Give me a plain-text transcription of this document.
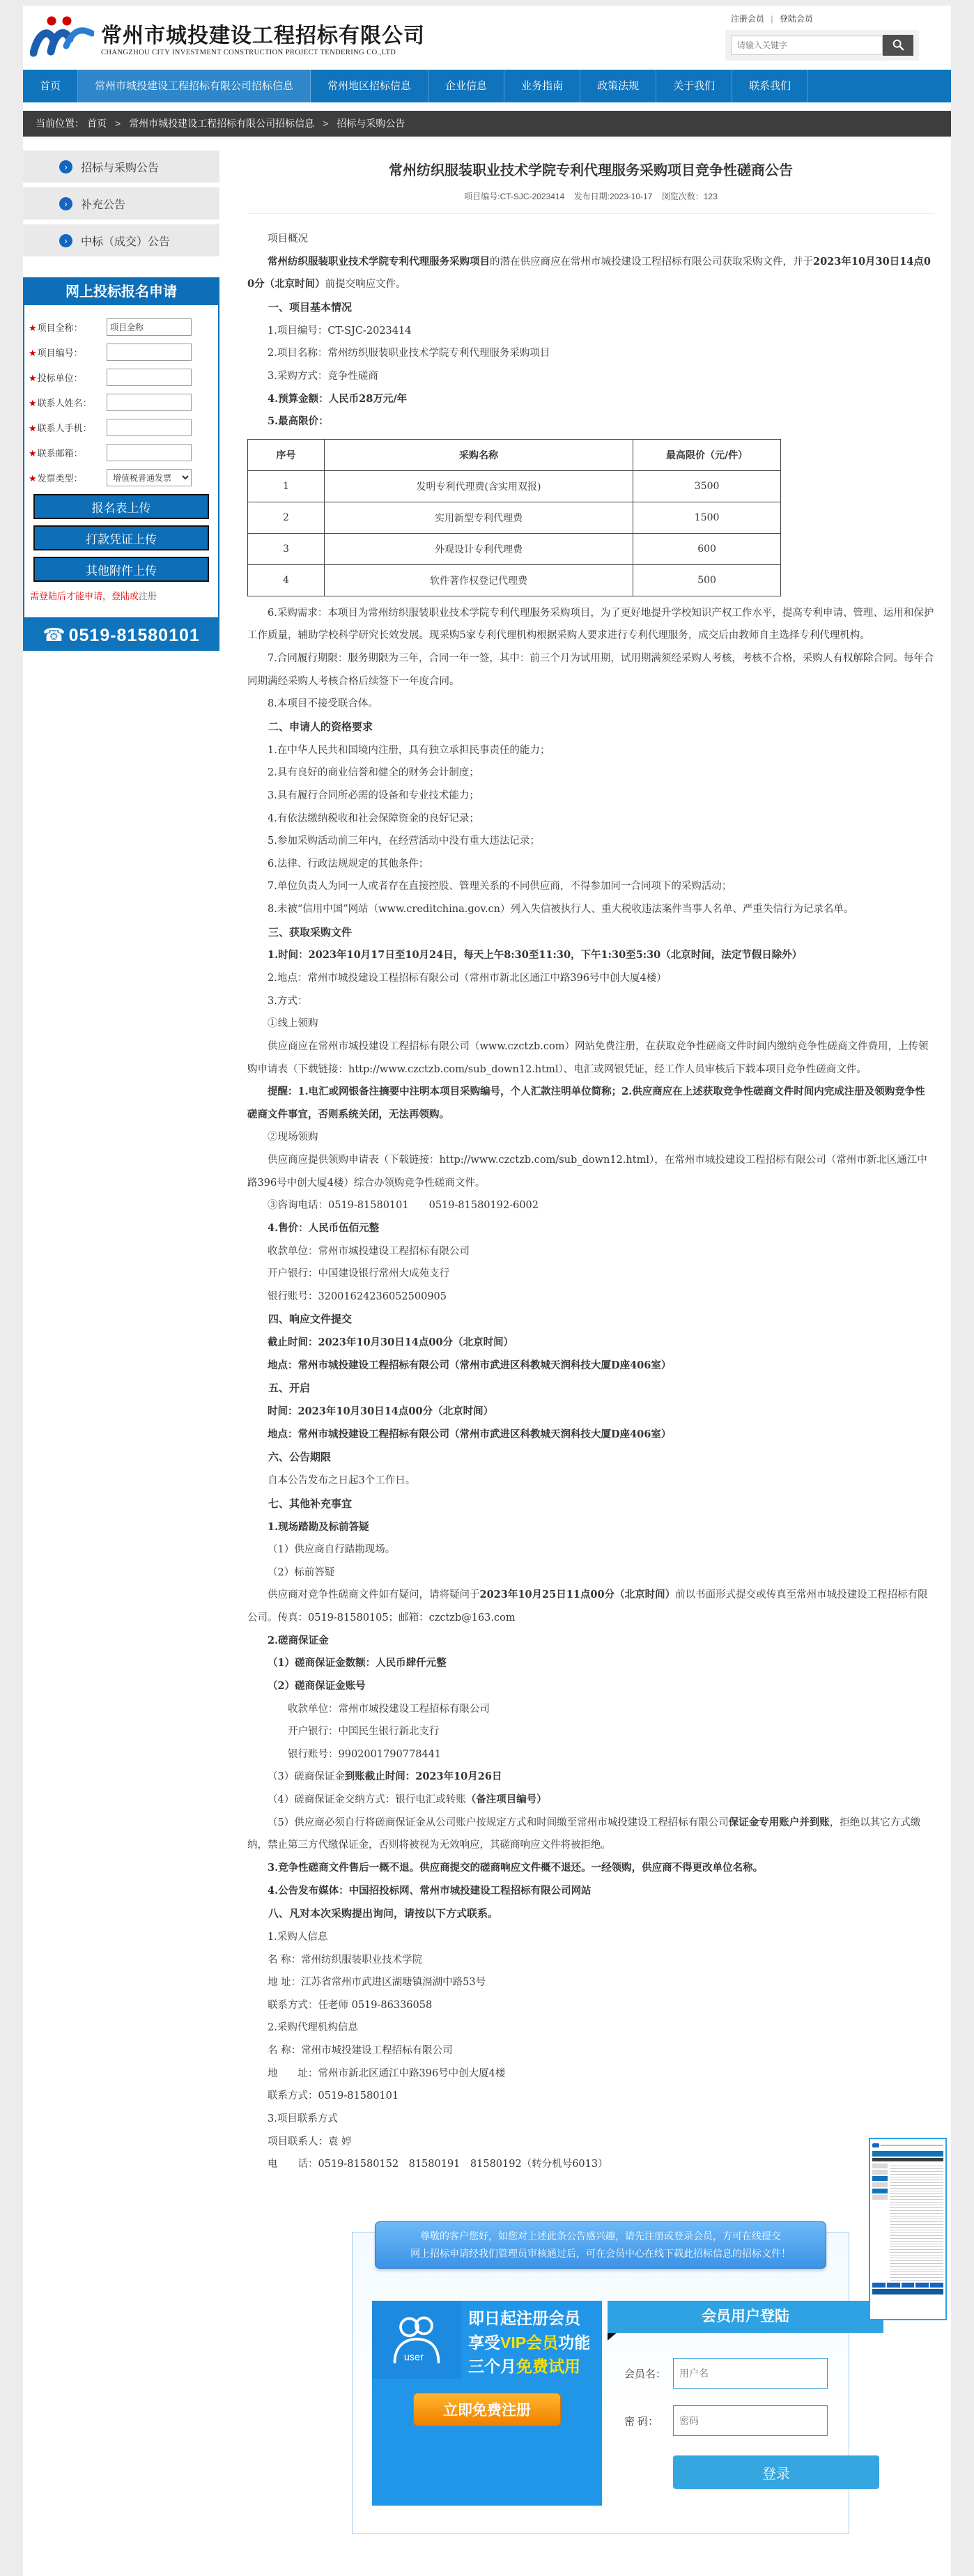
常州市城投建设工程招标有限公司
CHANGZHOU CITY INVESTMENT CONSTRUCTION PROJECT TENDERING CO.,LTD
注册会员 | 登陆会员
请输入关键字
首页	常州市城投建设工程招标有限公司招标信息	常州地区招标信息	企业信息	业务指南	政策法规	关于我们	联系我们
当前位置： 首页 > 常州市城投建设工程招标有限公司招标信息 > 招标与采购公告
›	招标与采购公告
›	补充公告
›	中标（成交）公告
网上投标报名申请
★项目全称：
项目全称
★项目编号：
★投标单位：
★联系人姓名：
★联系人手机：
★联系邮箱：
★发票类型：
增值税普通发票
报名表上传
打款凭证上传
其他附件上传
需登陆后才能申请，登陆或注册
☎ 0519-81580101
常州纺织服装职业技术学院专利代理服务采购项目竞争性磋商公告
项目编号:CT-SJC-2023414 发布日期:2023-10-17 浏览次数：123

项目概况

常州纺织服装职业技术学院专利代理服务采购项目的潜在供应商应在常州市城投建设工程招标有限公司获取采购文件，并于2023年10月30日14点00分（北京时间）前提交响应文件。

一、项目基本情况

1.项目编号：CT-SJC-2023414

2.项目名称：常州纺织服装职业技术学院专利代理服务采购项目

3.采购方式：竞争性磋商

4.预算金额：人民币28万元/年

5.最高限价：

序号	采购名称	最高限价（元/件）
1	发明专利代理费(含实用双报)	3500
2	实用新型专利代理费	1500
3	外观设计专利代理费	600
4	软件著作权登记代理费	500

6.采购需求：本项目为常州纺织服装职业技术学院专利代理服务采购项目，为了更好地提升学校知识产权工作水平，提高专利申请、管理、运用和保护工作质量，辅助学校科学研究长效发展。现采购5家专利代理机构根据采购人要求进行专利代理服务，成交后由教师自主选择专利代理机构。

7.合同履行期限：服务期限为三年，合同一年一签，其中：前三个月为试用期，试用期满须经采购人考核，考核不合格，采购人有权解除合同。每年合同期满经采购人考核合格后续签下一年度合同。

8.本项目不接受联合体。

二、申请人的资格要求

1.在中华人民共和国境内注册，具有独立承担民事责任的能力；

2.具有良好的商业信誉和健全的财务会计制度；

3.具有履行合同所必需的设备和专业技术能力；

4.有依法缴纳税收和社会保障资金的良好记录；

5.参加采购活动前三年内，在经营活动中没有重大违法记录；

6.法律、行政法规规定的其他条件；

7.单位负责人为同一人或者存在直接控股、管理关系的不同供应商，不得参加同一合同项下的采购活动；

8.未被“信用中国”网站（www.creditchina.gov.cn）列入失信被执行人、重大税收违法案件当事人名单、严重失信行为记录名单。

三、获取采购文件

1.时间：2023年10月17日至10月24日，每天上午8:30至11:30，下午1:30至5:30（北京时间，法定节假日除外）

2.地点：常州市城投建设工程招标有限公司（常州市新北区通江中路396号中创大厦4楼）

3.方式：

①线上领购

供应商应在常州市城投建设工程招标有限公司（www.czctzb.com）网站免费注册，在获取竞争性磋商文件时间内缴纳竞争性磋商文件费用，上传领购申请表（下载链接：http://www.czctzb.com/sub_down12.html）、电汇或网银凭证，经工作人员审核后下载本项目竞争性磋商文件。

提醒：1.电汇或网银备注摘要中注明本项目采购编号，个人汇款注明单位简称；2.供应商应在上述获取竞争性磋商文件时间内完成注册及领购竞争性磋商文件事宜，否则系统关闭，无法再领购。

②现场领购

供应商应提供领购申请表（下载链接：http://www.czctzb.com/sub_down12.html），在常州市城投建设工程招标有限公司（常州市新北区通江中路396号中创大厦4楼）综合办领购竞争性磋商文件。

③咨询电话：0519-81580101　　0519-81580192-6002

4.售价：人民币伍佰元整

收款单位：常州市城投建设工程招标有限公司

开户银行：中国建设银行常州大成苑支行

银行账号：32001624236052500905

四、响应文件提交

截止时间：2023年10月30日14点00分（北京时间）

地点：常州市城投建设工程招标有限公司（常州市武进区科教城天润科技大厦D座406室）

五、开启

时间：2023年10月30日14点00分（北京时间）

地点：常州市城投建设工程招标有限公司（常州市武进区科教城天润科技大厦D座406室）

六、公告期限

自本公告发布之日起3个工作日。

七、其他补充事宜

1.现场踏勘及标前答疑

（1）供应商自行踏勘现场。

（2）标前答疑

供应商对竞争性磋商文件如有疑问，请将疑问于2023年10月25日11点00分（北京时间）前以书面形式提交或传真至常州市城投建设工程招标有限公司。传真：0519-81580105；邮箱：czctzb@163.com

2.磋商保证金

（1）磋商保证金数额：人民币肆仟元整

（2）磋商保证金账号

收款单位：常州市城投建设工程招标有限公司

开户银行：中国民生银行新北支行

银行账号：9902001790778441

（3）磋商保证金到账截止时间：2023年10月26日

（4）磋商保证金交纳方式：银行电汇或转账（备注项目编号）

（5）供应商必须自行将磋商保证金从公司账户按规定方式和时间缴至常州市城投建设工程招标有限公司保证金专用账户并到账，拒绝以其它方式缴纳，禁止第三方代缴保证金，否则将被视为无效响应，其磋商响应文件将被拒绝。

3.竞争性磋商文件售后一概不退。供应商提交的磋商响应文件概不退还。一经领购，供应商不得更改单位名称。

4.公告发布媒体：中国招投标网、常州市城投建设工程招标有限公司网站

八、凡对本次采购提出询问，请按以下方式联系。

1.采购人信息

名 称：常州纺织服装职业技术学院

地 址：江苏省常州市武进区湖塘镇滆湖中路53号

联系方式：任老师 0519-86336058

2.采购代理机构信息

名 称：常州市城投建设工程招标有限公司

地　　址：常州市新北区通江中路396号中创大厦4楼

联系方式：0519-81580101

3.项目联系方式

项目联系人：袁 婷

电　　话：0519-81580152　81580191　81580192（转分机号6013）

尊敬的客户您好，如您对上述此条公告感兴趣，请先注册或登录会员，方可在线提交
网上招标申请经我们管理员审核通过后，可在会员中心在线下载此招标信息的招标文件！
user
即日起注册会员
享受VIP会员功能
三个月免费试用
立即免费注册
会员用户登陆
会员名：
用户名
密 码：
登录
